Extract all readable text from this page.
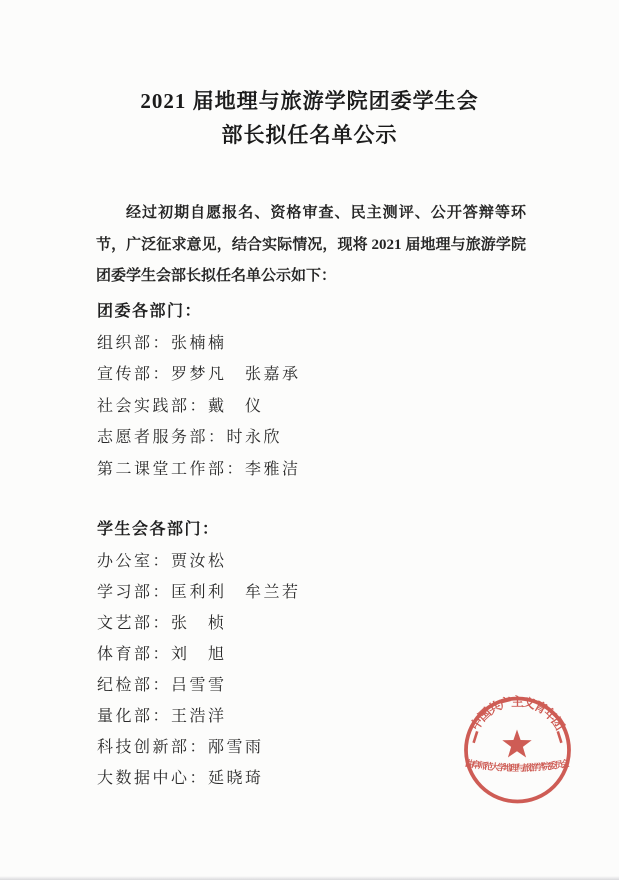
2021 届地理与旅游学院团委学生会
部长拟任名单公示

经过初期自愿报名、资格审查、民主测评、公开答辩等环节，广泛征求意见，结合实际情况，现将 2021 届地理与旅游学院团委学生会部长拟任名单公示如下：

团委各部门：
组织部：张楠楠
宣传部：罗梦凡　张嘉承
社会实践部：戴　仪
志愿者服务部：时永欣
第二课堂工作部：李雅洁
学生会各部门：
办公室：贾汝松
学习部：匡利利　牟兰若
文艺部：张　桢
体育部：刘　旭
纪检部：吕雪雪
量化部：王浩洋
科技创新部：邴雪雨
大数据中心：延晓琦
中国共产主义青年团
曲阜师范大学地理与旅游学院委员会
